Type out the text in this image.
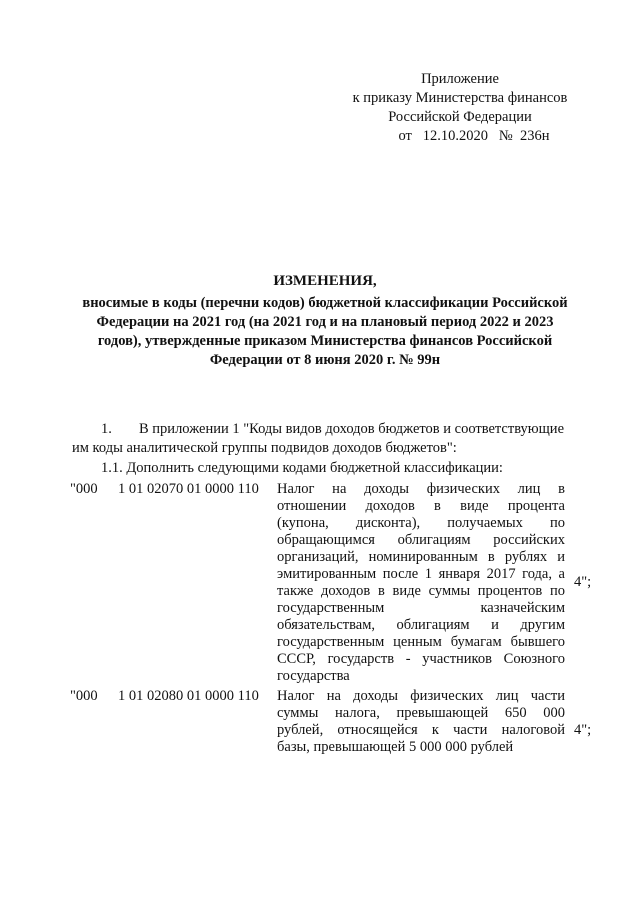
Приложение
к приказу Министерства финансов
Российской Федерации
от 12.10.2020 № 236н
ИЗМЕНЕНИЯ,
вносимые в коды (перечни кодов) бюджетной классификации Российской
Федерации на 2021 год (на 2021 год и на плановый период 2022 и 2023
годов), утвержденные приказом Министерства финансов Российской
Федерации от 8 июня 2020 г. № 99н
1. В приложении 1 "Коды видов доходов бюджетов и соответствующие
им коды аналитической группы подвидов доходов бюджетов":
1.1. Дополнить следующими кодами бюджетной классификации:
"000 1 01 02070 01 0000 110 Налог на доходы физических лиц в
отношении доходов в виде процента
(купона, дисконта), получаемых по
обращающимся облигациям российских
организаций, номинированным в рублях и
эмитированным после 1 января 2017 года, а
также доходов в виде суммы процентов по
государственным казначейским
обязательствам, облигациям и другим
государственным ценным бумагам бывшего
СССР, государств - участников Союзного
государства
4";
"000 1 01 02080 01 0000 110 Налог на доходы физических лиц части
суммы налога, превышающей 650 000
рублей, относящейся к части налоговой
базы, превышающей 5 000 000 рублей
4";
